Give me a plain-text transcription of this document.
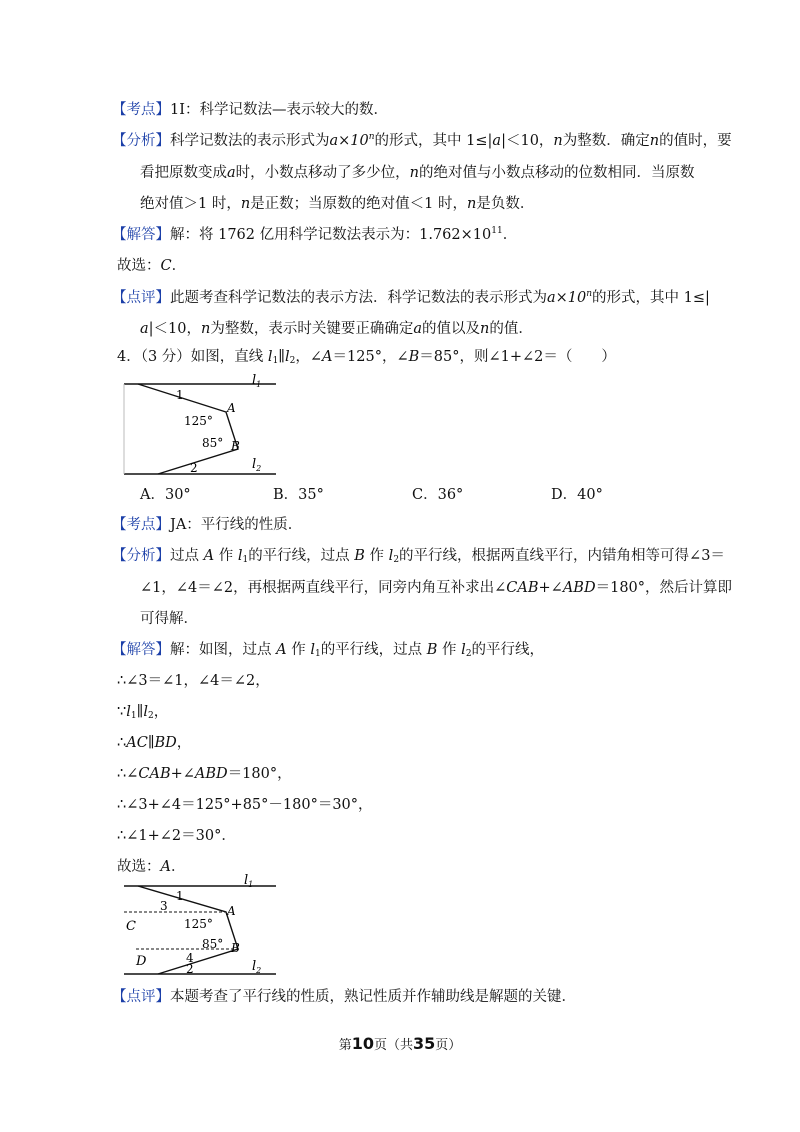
【考点】1I：科学记数法—表示较大的数．
【分析】科学记数法的表示形式为$a\times 10^n$的形式，其中 1≤|a|＜10，n为整数．确定n的值时，要
看把原数变成a时，小数点移动了多少位，n的绝对值与小数点移动的位数相同．当原数
绝对值＞1 时，n是正数；当原数的绝对值＜1 时，n是负数．
【解答】解：将 1762 亿用科学记数法表示为：$1.762\times 10^{11}$．
故选：C．
【点评】此题考查科学记数法的表示方法．科学记数法的表示形式为$a\times 10^n$的形式，其中 1≤|
a|＜10，n为整数，表示时关键要正确确定a的值以及n的值．
4．（3 分）如图，直线 $l_1\parallel l_2$，∠A＝125°，∠B＝85°，则∠1+∠2＝（　　）
$l_1$
$l_2$
1
2
125°
85°
A
B
A．30°	B．35°	C．36°	D．40°
【考点】JA：平行线的性质．
【分析】过点 A 作 $l_1$的平行线，过点 B 作 $l_2$的平行线，根据两直线平行，内错角相等可得∠3＝
∠1，∠4＝∠2，再根据两直线平行，同旁内角互补求出∠CAB+∠ABD＝180°，然后计算即
可得解．
【解答】解：如图，过点 A 作 $l_1$的平行线，过点 B 作 $l_2$的平行线，
∴∠3＝∠1，∠4＝∠2，
$\because l_1\parallel l_2$，
∴AC∥BD，
∴∠CAB+∠ABD＝180°，
∴∠3+∠4＝125°+85°－180°＝30°，
∴∠1+∠2＝30°．
故选：A．
$l_1$
$l_2$
1
3
2
4
125°
85°
A
B
C
D
【点评】本题考查了平行线的性质，熟记性质并作辅助线是解题的关键．
第10页（共35页）
